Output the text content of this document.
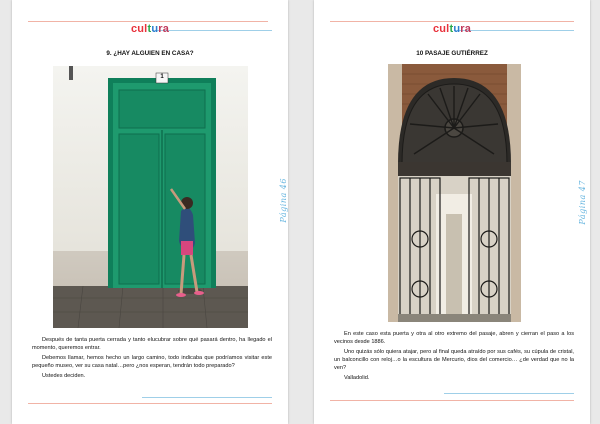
cultura
9. ¿HAY ALGUIEN EN CASA?
1

Después de tanta puerta cerrada y tanto elucubrar sobre qué pasará dentro, ha llegado el momento, queremos entrar.

Debemos llamar, hemos hecho un largo camino, todo indicaba que podríamos visitar este pequeño museo, ver su casa natal…pero ¿nos esperan, tendrán todo preparado?

Ustedes deciden.

Página 46
cultura
10 PASAJE GUTIÉRREZ

En este caso esta puerta y otra al otro extremo del pasaje, abren y cierran el paso a los vecinos desde 1886.

Uno quizás sólo quiera atajar, pero al final queda atraído por sus cafés, su cúpula de cristal, un balconcillo con reloj…o la escultura de Mercurio, dios del comercio… ¿de verdad que no la ven?

Valladolid.

Página 47
